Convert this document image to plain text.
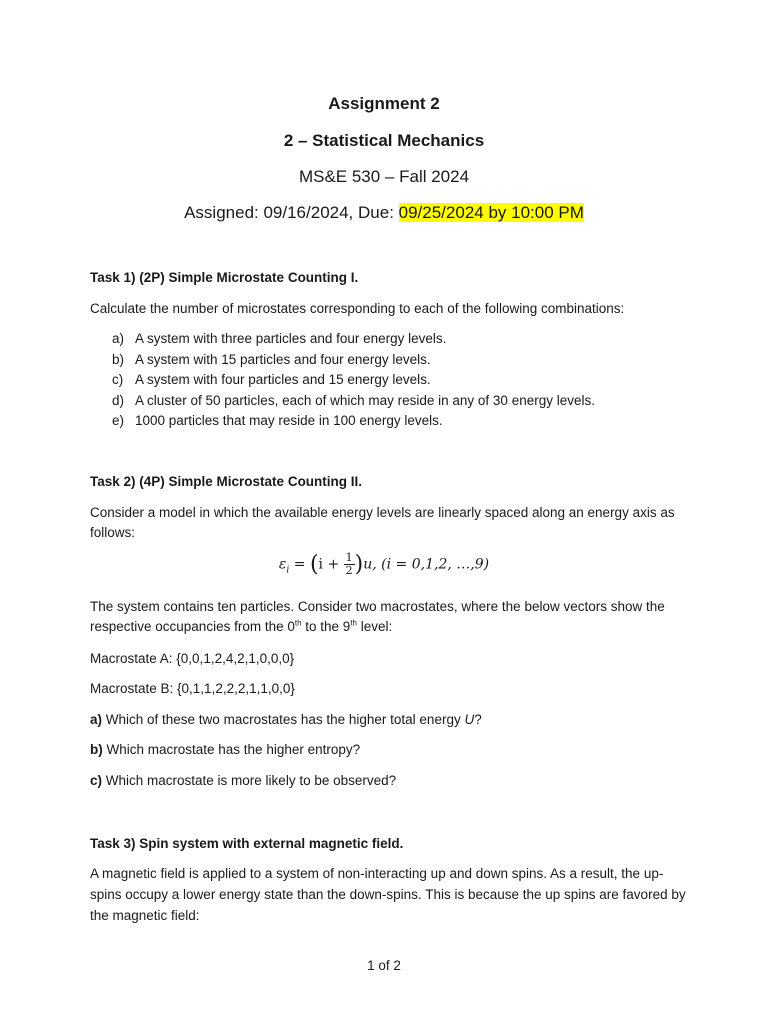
Assignment 2
2 – Statistical Mechanics
MS&E 530 – Fall 2024
Assigned: 09/16/2024, Due: 09/25/2024 by 10:00 PM
Task 1) (2P) Simple Microstate Counting I.
Calculate the number of microstates corresponding to each of the following combinations:
a) A system with three particles and four energy levels.
b) A system with 15 particles and four energy levels.
c) A system with four particles and 15 energy levels.
d) A cluster of 50 particles, each of which may reside in any of 30 energy levels.
e) 1000 particles that may reside in 100 energy levels.
Task 2) (4P) Simple Microstate Counting II.
Consider a model in which the available energy levels are linearly spaced along an energy axis as follows:
$\varepsilon_i = (i + \frac{1}{2} )u$, (i = 0,1,2, …,9)
The system contains ten particles. Consider two macrostates, where the below vectors show the respective occupancies from the 0th to the 9th level:
Macrostate A: {0,0,1,2,4,2,1,0,0,0}
Macrostate B: {0,1,1,2,2,2,1,1,0,0}
a) Which of these two macrostates has the higher total energy U?
b) Which macrostate has the higher entropy?
c) Which macrostate is more likely to be observed?
Task 3) Spin system with external magnetic field.
A magnetic field is applied to a system of non-interacting up and down spins. As a result, the up-spins occupy a lower energy state than the down-spins. This is because the up spins are favored by the magnetic field:
1 of 2
